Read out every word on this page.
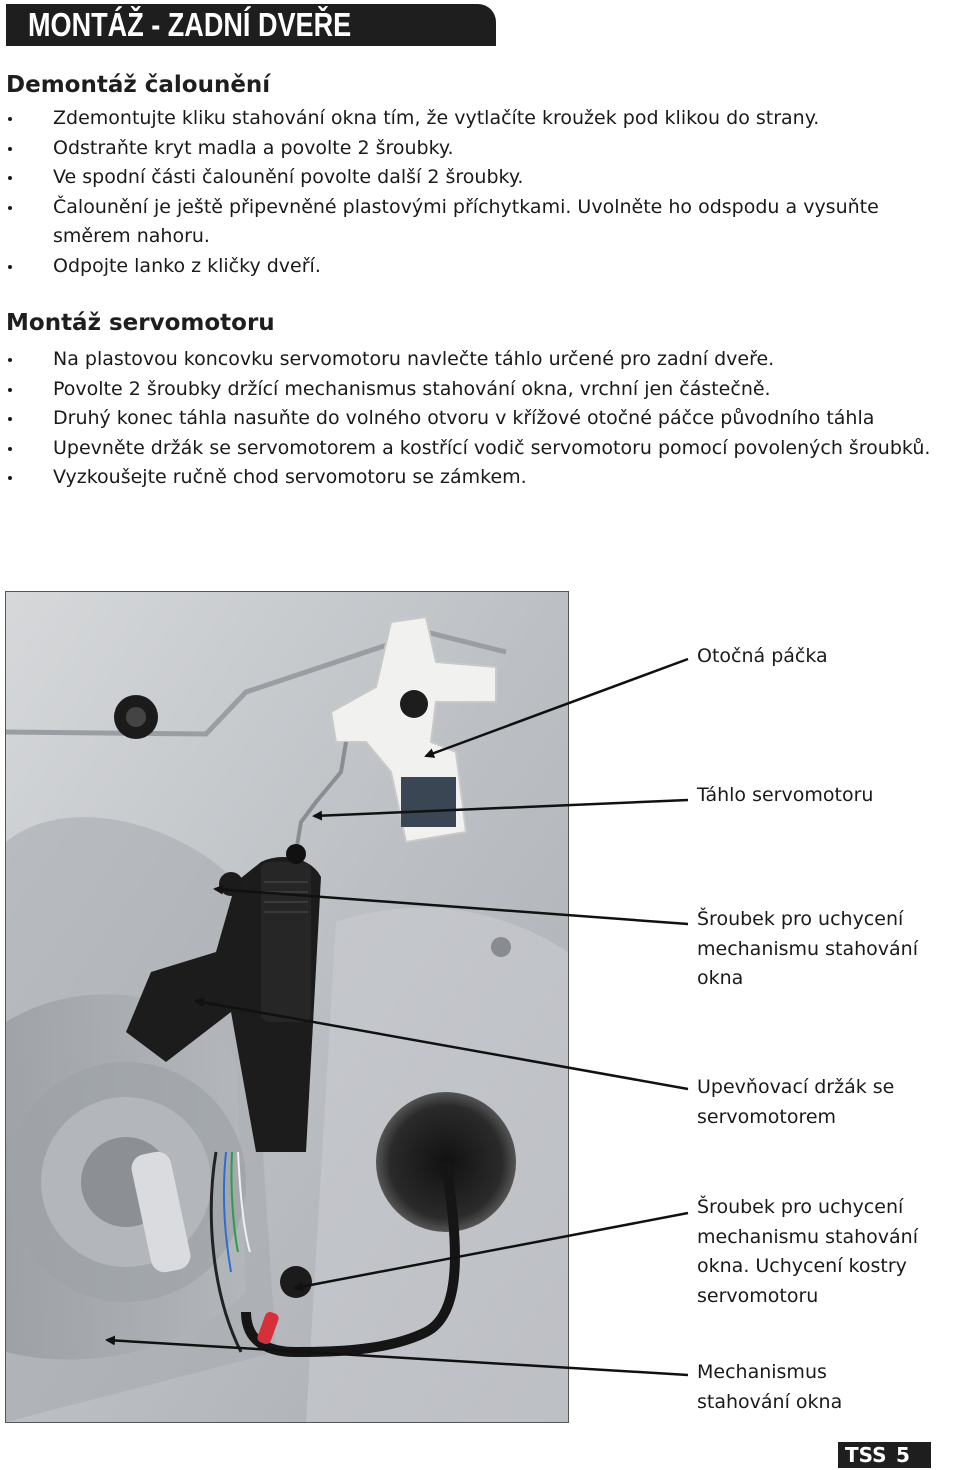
MONTÁŽ - ZADNÍ DVEŘE
Demontáž čalounění
Zdemontujte kliku stahování okna tím, že vytlačíte kroužek pod klikou do strany.
Odstraňte kryt madla a povolte 2 šroubky.
Ve spodní části čalounění povolte další 2 šroubky.
Čalounění je ještě připevněné plastovými příchytkami. Uvolněte ho odspodu a vysuňte směrem nahoru.
Odpojte lanko z kličky dveří.
Montáž servomotoru
Na plastovou koncovku servomotoru navlečte táhlo určené pro zadní dveře.
Povolte 2 šroubky držící mechanismus stahování okna, vrchní jen částečně.
Druhý konec táhla nasuňte do volného otvoru v křížové otočné páčce původního táhla
Upevněte držák se servomotorem a kostřící vodič servomotoru pomocí povolených šroubků.
Vyzkoušejte ručně chod servomotoru se zámkem.
Otočná páčka
Táhlo servomotoru
Šroubek pro uchycení mechanismu stahování okna
Upevňovací držák se servomotorem
Šroubek pro uchycení mechanismu stahování okna. Uchycení kostry servomotoru
Mechanismus stahování okna
TSS 5
